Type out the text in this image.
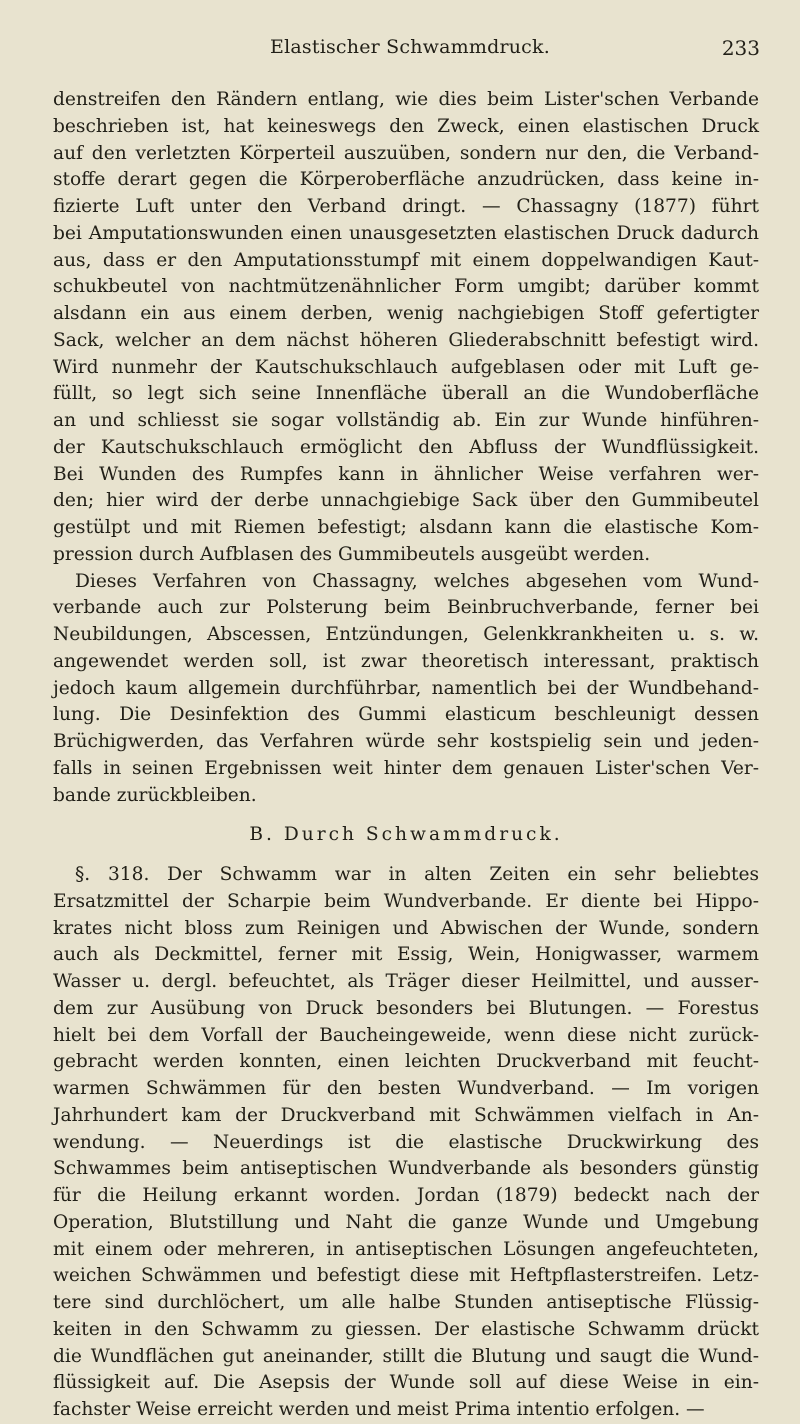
Elastischer Schwammdruck.	233
denstreifen den Rändern entlang, wie dies beim Lister'schen Verbande
beschrieben ist, hat keineswegs den Zweck, einen elastischen Druck
auf den verletzten Körperteil auszuüben, sondern nur den, die Verband-
stoffe derart gegen die Körperoberfläche anzudrücken, dass keine in-
fizierte Luft unter den Verband dringt. — Chassagny (1877) führt
bei Amputationswunden einen unausgesetzten elastischen Druck dadurch
aus, dass er den Amputationsstumpf mit einem doppelwandigen Kaut-
schukbeutel von nachtmützenähnlicher Form umgibt; darüber kommt
alsdann ein aus einem derben, wenig nachgiebigen Stoff gefertigter
Sack, welcher an dem nächst höheren Gliederabschnitt befestigt wird.
Wird nunmehr der Kautschukschlauch aufgeblasen oder mit Luft ge-
füllt, so legt sich seine Innenfläche überall an die Wundoberfläche
an und schliesst sie sogar vollständig ab. Ein zur Wunde hinführen-
der Kautschukschlauch ermöglicht den Abfluss der Wundflüssigkeit.
Bei Wunden des Rumpfes kann in ähnlicher Weise verfahren wer-
den; hier wird der derbe unnachgiebige Sack über den Gummibeutel
gestülpt und mit Riemen befestigt; alsdann kann die elastische Kom-
pression durch Aufblasen des Gummibeutels ausgeübt werden.
Dieses Verfahren von Chassagny, welches abgesehen vom Wund-
verbande auch zur Polsterung beim Beinbruchverbande, ferner bei
Neubildungen, Abscessen, Entzündungen, Gelenkkrankheiten u. s. w.
angewendet werden soll, ist zwar theoretisch interessant, praktisch
jedoch kaum allgemein durchführbar, namentlich bei der Wundbehand-
lung. Die Desinfektion des Gummi elasticum beschleunigt dessen
Brüchigwerden, das Verfahren würde sehr kostspielig sein und jeden-
falls in seinen Ergebnissen weit hinter dem genauen Lister'schen Ver-
bande zurückbleiben.
B. Durch Schwammdruck.
§. 318. Der Schwamm war in alten Zeiten ein sehr beliebtes
Ersatzmittel der Scharpie beim Wundverbande. Er diente bei Hippo-
krates nicht bloss zum Reinigen und Abwischen der Wunde, sondern
auch als Deckmittel, ferner mit Essig, Wein, Honigwasser, warmem
Wasser u. dergl. befeuchtet, als Träger dieser Heilmittel, und ausser-
dem zur Ausübung von Druck besonders bei Blutungen. — Forestus
hielt bei dem Vorfall der Baucheingeweide, wenn diese nicht zurück-
gebracht werden konnten, einen leichten Druckverband mit feucht-
warmen Schwämmen für den besten Wundverband. — Im vorigen
Jahrhundert kam der Druckverband mit Schwämmen vielfach in An-
wendung. — Neuerdings ist die elastische Druckwirkung des
Schwammes beim antiseptischen Wundverbande als besonders günstig
für die Heilung erkannt worden. Jordan (1879) bedeckt nach der
Operation, Blutstillung und Naht die ganze Wunde und Umgebung
mit einem oder mehreren, in antiseptischen Lösungen angefeuchteten,
weichen Schwämmen und befestigt diese mit Heftpflasterstreifen. Letz-
tere sind durchlöchert, um alle halbe Stunden antiseptische Flüssig-
keiten in den Schwamm zu giessen. Der elastische Schwamm drückt
die Wundflächen gut aneinander, stillt die Blutung und saugt die Wund-
flüssigkeit auf. Die Asepsis der Wunde soll auf diese Weise in ein-
fachster Weise erreicht werden und meist Prima intentio erfolgen. —
